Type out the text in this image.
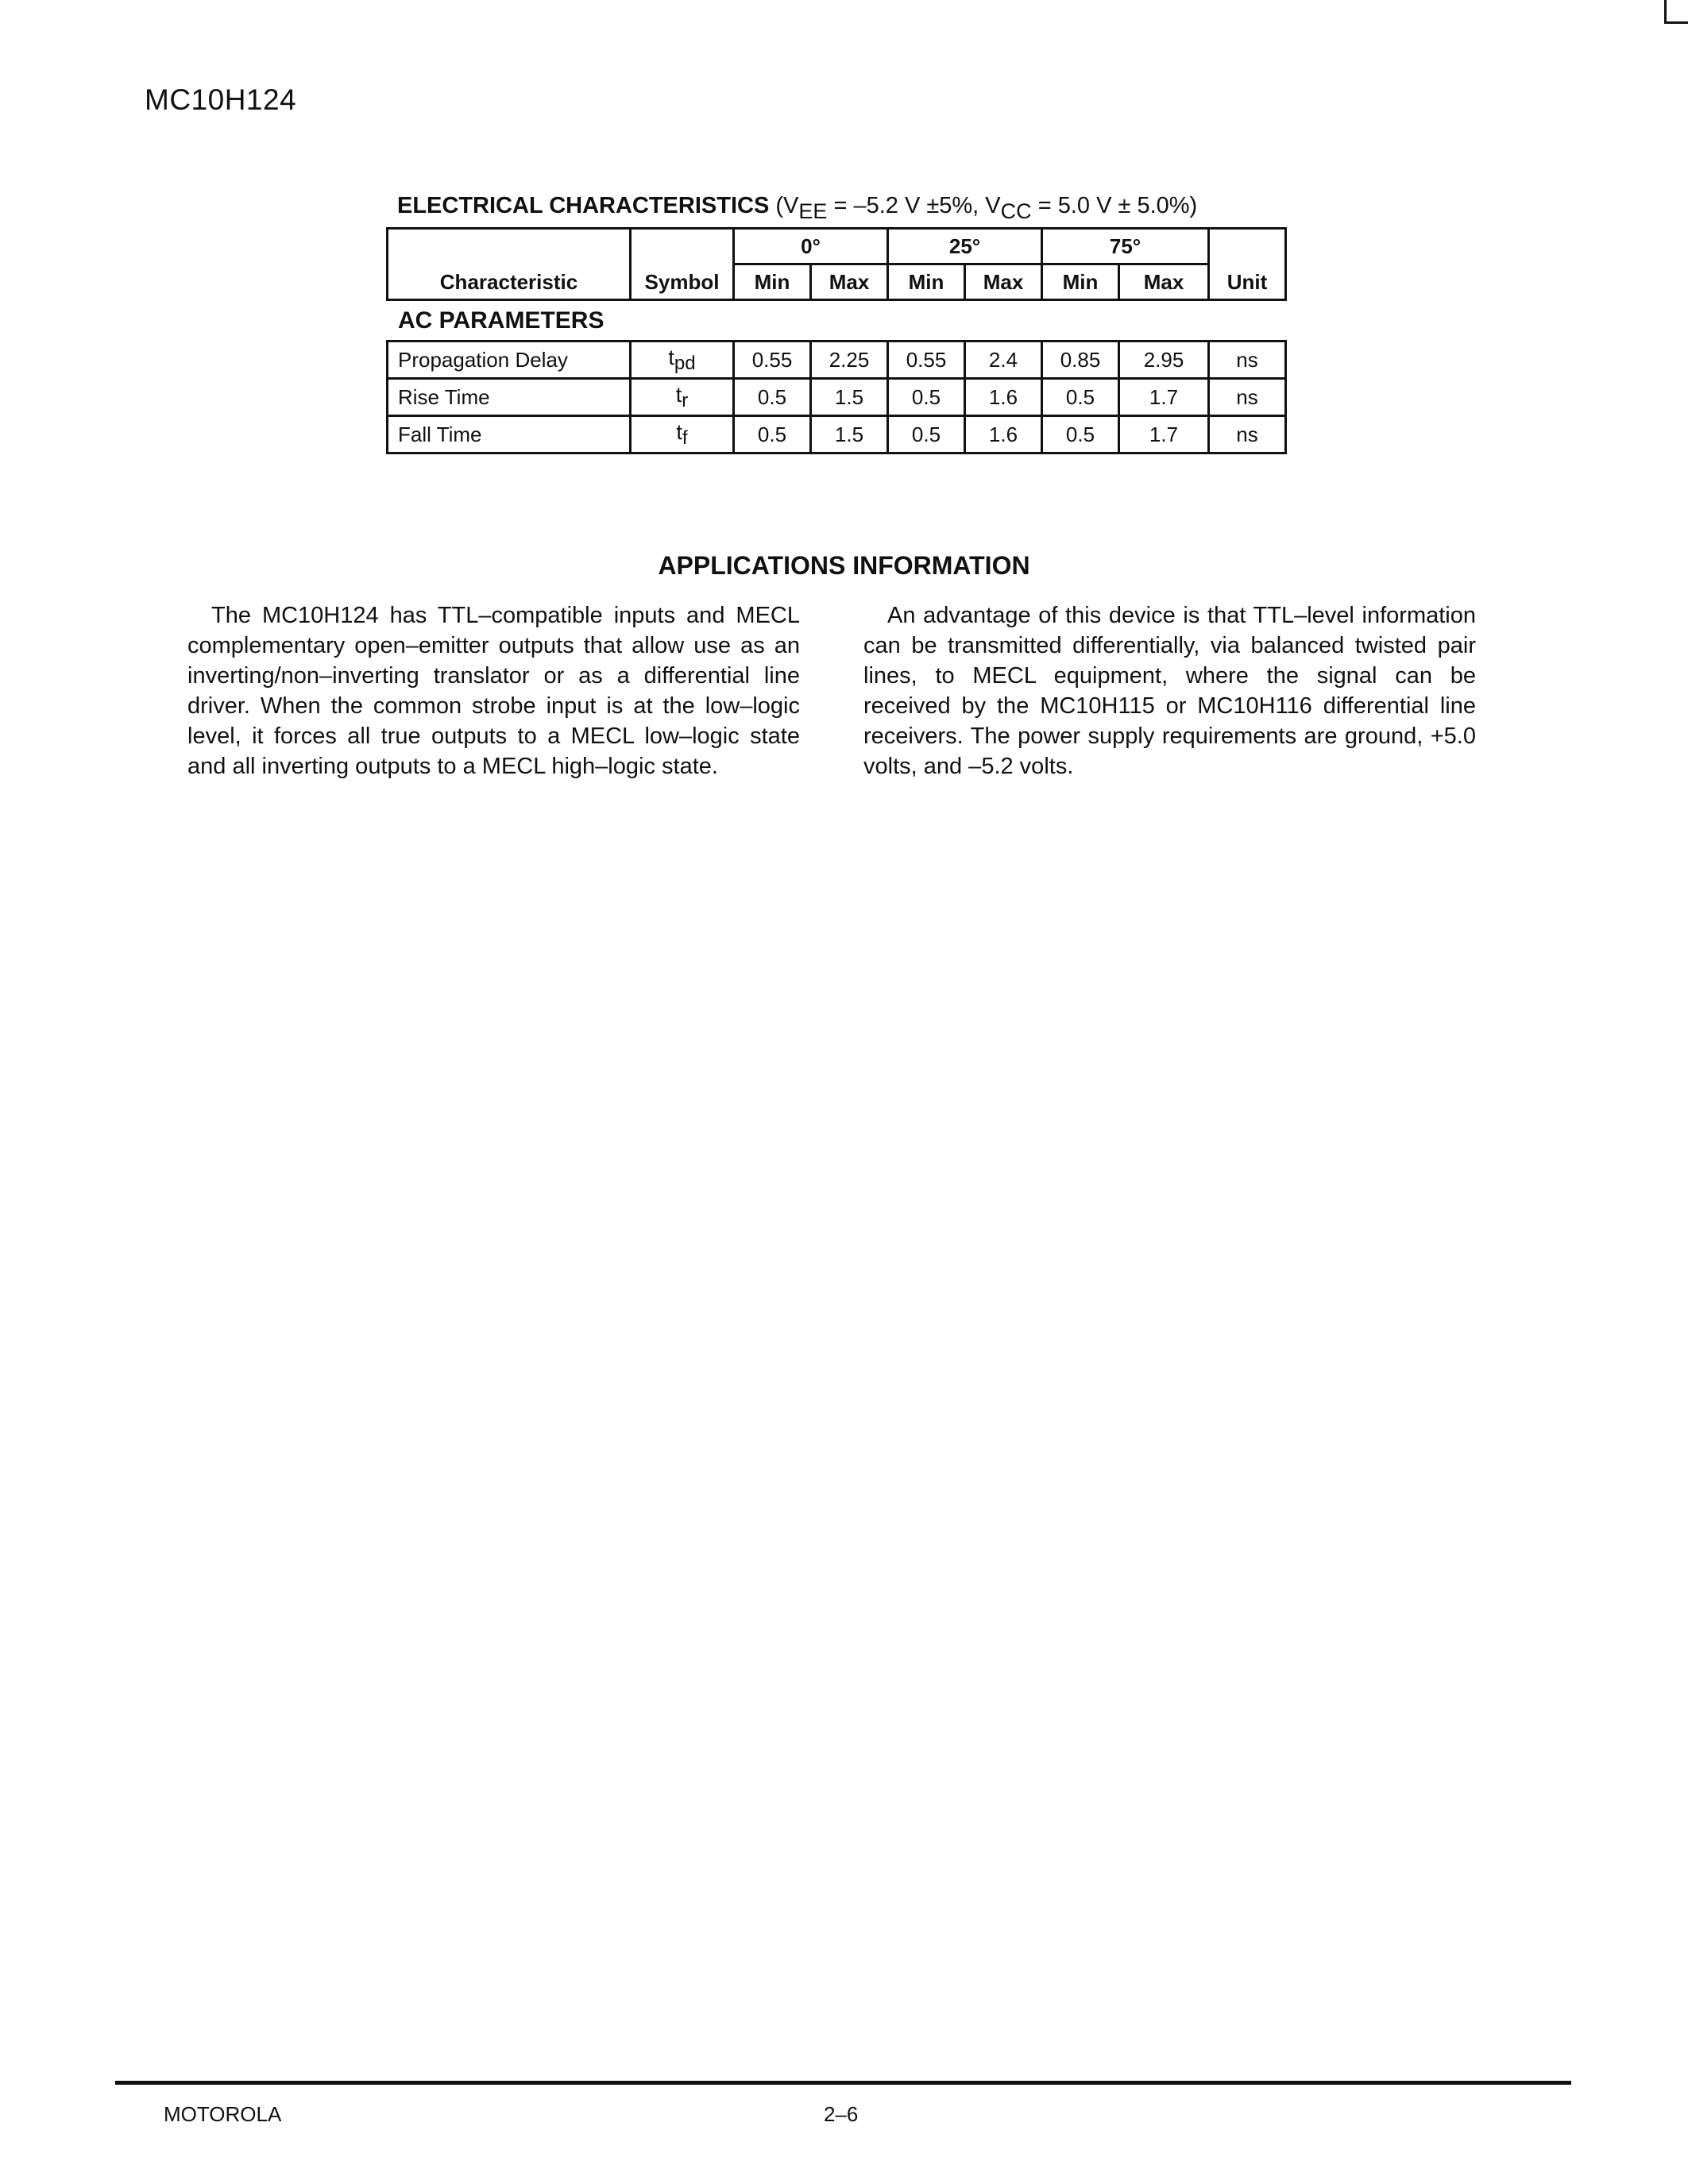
MC10H124
ELECTRICAL CHARACTERISTICS ($V_{EE} = -5.2$ V ±5%, $V_{CC} = 5.0$ V ± 5.0%)
Characteristic	Symbol	0°		25°		75°		Unit
		Min	Max	Min	Max	Min	Max	
AC PARAMETERS
Propagation Delay	$t_{pd}$	0.55	2.25	0.55	2.4	0.85	2.95	ns
Rise Time	$t_r$	0.5	1.5	0.5	1.6	0.5	1.7	ns
Fall Time	$t_f$	0.5	1.5	0.5	1.6	0.5	1.7	ns
APPLICATIONS INFORMATION

The MC10H124 has TTL–compatible inputs and MECL complementary open–emitter outputs that allow use as an inverting/non–inverting translator or as a differential line driver. When the common strobe input is at the low–logic level, it forces all true outputs to a MECL low–logic state and all inverting outputs to a MECL high–logic state.

An advantage of this device is that TTL–level information can be transmitted differentially, via balanced twisted pair lines, to MECL equipment, where the signal can be received by the MC10H115 or MC10H116 differential line receivers. The power supply requirements are ground, +5.0 volts, and –5.2 volts.

MOTOROLA	2–6
